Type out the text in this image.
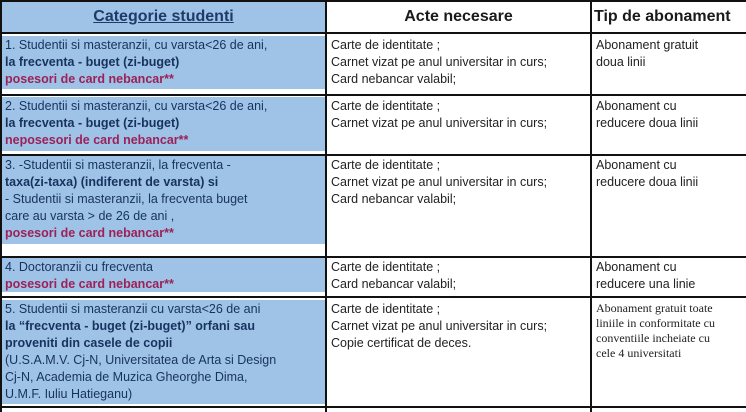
Categorie studenti	Acte necesare	Tip de abonament
1. Studentii si masteranzii, cu varsta<26 de ani,
la frecventa - buget (zi-buget)
posesori de card nebancar**
Carte de identitate ;
Carnet vizat pe anul universitar in curs;
Card nebancar valabil;
Abonament gratuit
doua linii
2. Studentii si masteranzii, cu varsta<26 de ani,
la frecventa - buget (zi-buget)
neposesori de card nebancar**
Carte de identitate ;
Carnet vizat pe anul universitar in curs;
Abonament cu
reducere doua linii
3. -Studentii si masteranzii, la frecventa -
taxa(zi-taxa) (indiferent de varsta) si
- Studentii si masteranzii, la frecventa buget
care au varsta > de 26 de ani ,
posesori de card nebancar**
Carte de identitate ;
Carnet vizat pe anul universitar in curs;
Card nebancar valabil;
Abonament cu
reducere doua linii
4. Doctoranzii cu frecventa
posesori de card nebancar**
Carte de identitate ;
Card nebancar valabil;
Abonament cu
reducere una linie
5. Studentii si masteranzii cu varsta<26 de ani
la “frecventa - buget (zi-buget)” orfani sau
proveniti din casele de copii
(U.S.A.M.V. Cj-N, Universitatea de Arta si Design
Cj-N, Academia de Muzica Gheorghe Dima,
U.M.F. Iuliu Hatieganu)
Carte de identitate ;
Carnet vizat pe anul universitar in curs;
Copie certificat de deces.
Abonament gratuit toate
liniile in conformitate cu
conventiile incheiate cu
cele 4 universitati
